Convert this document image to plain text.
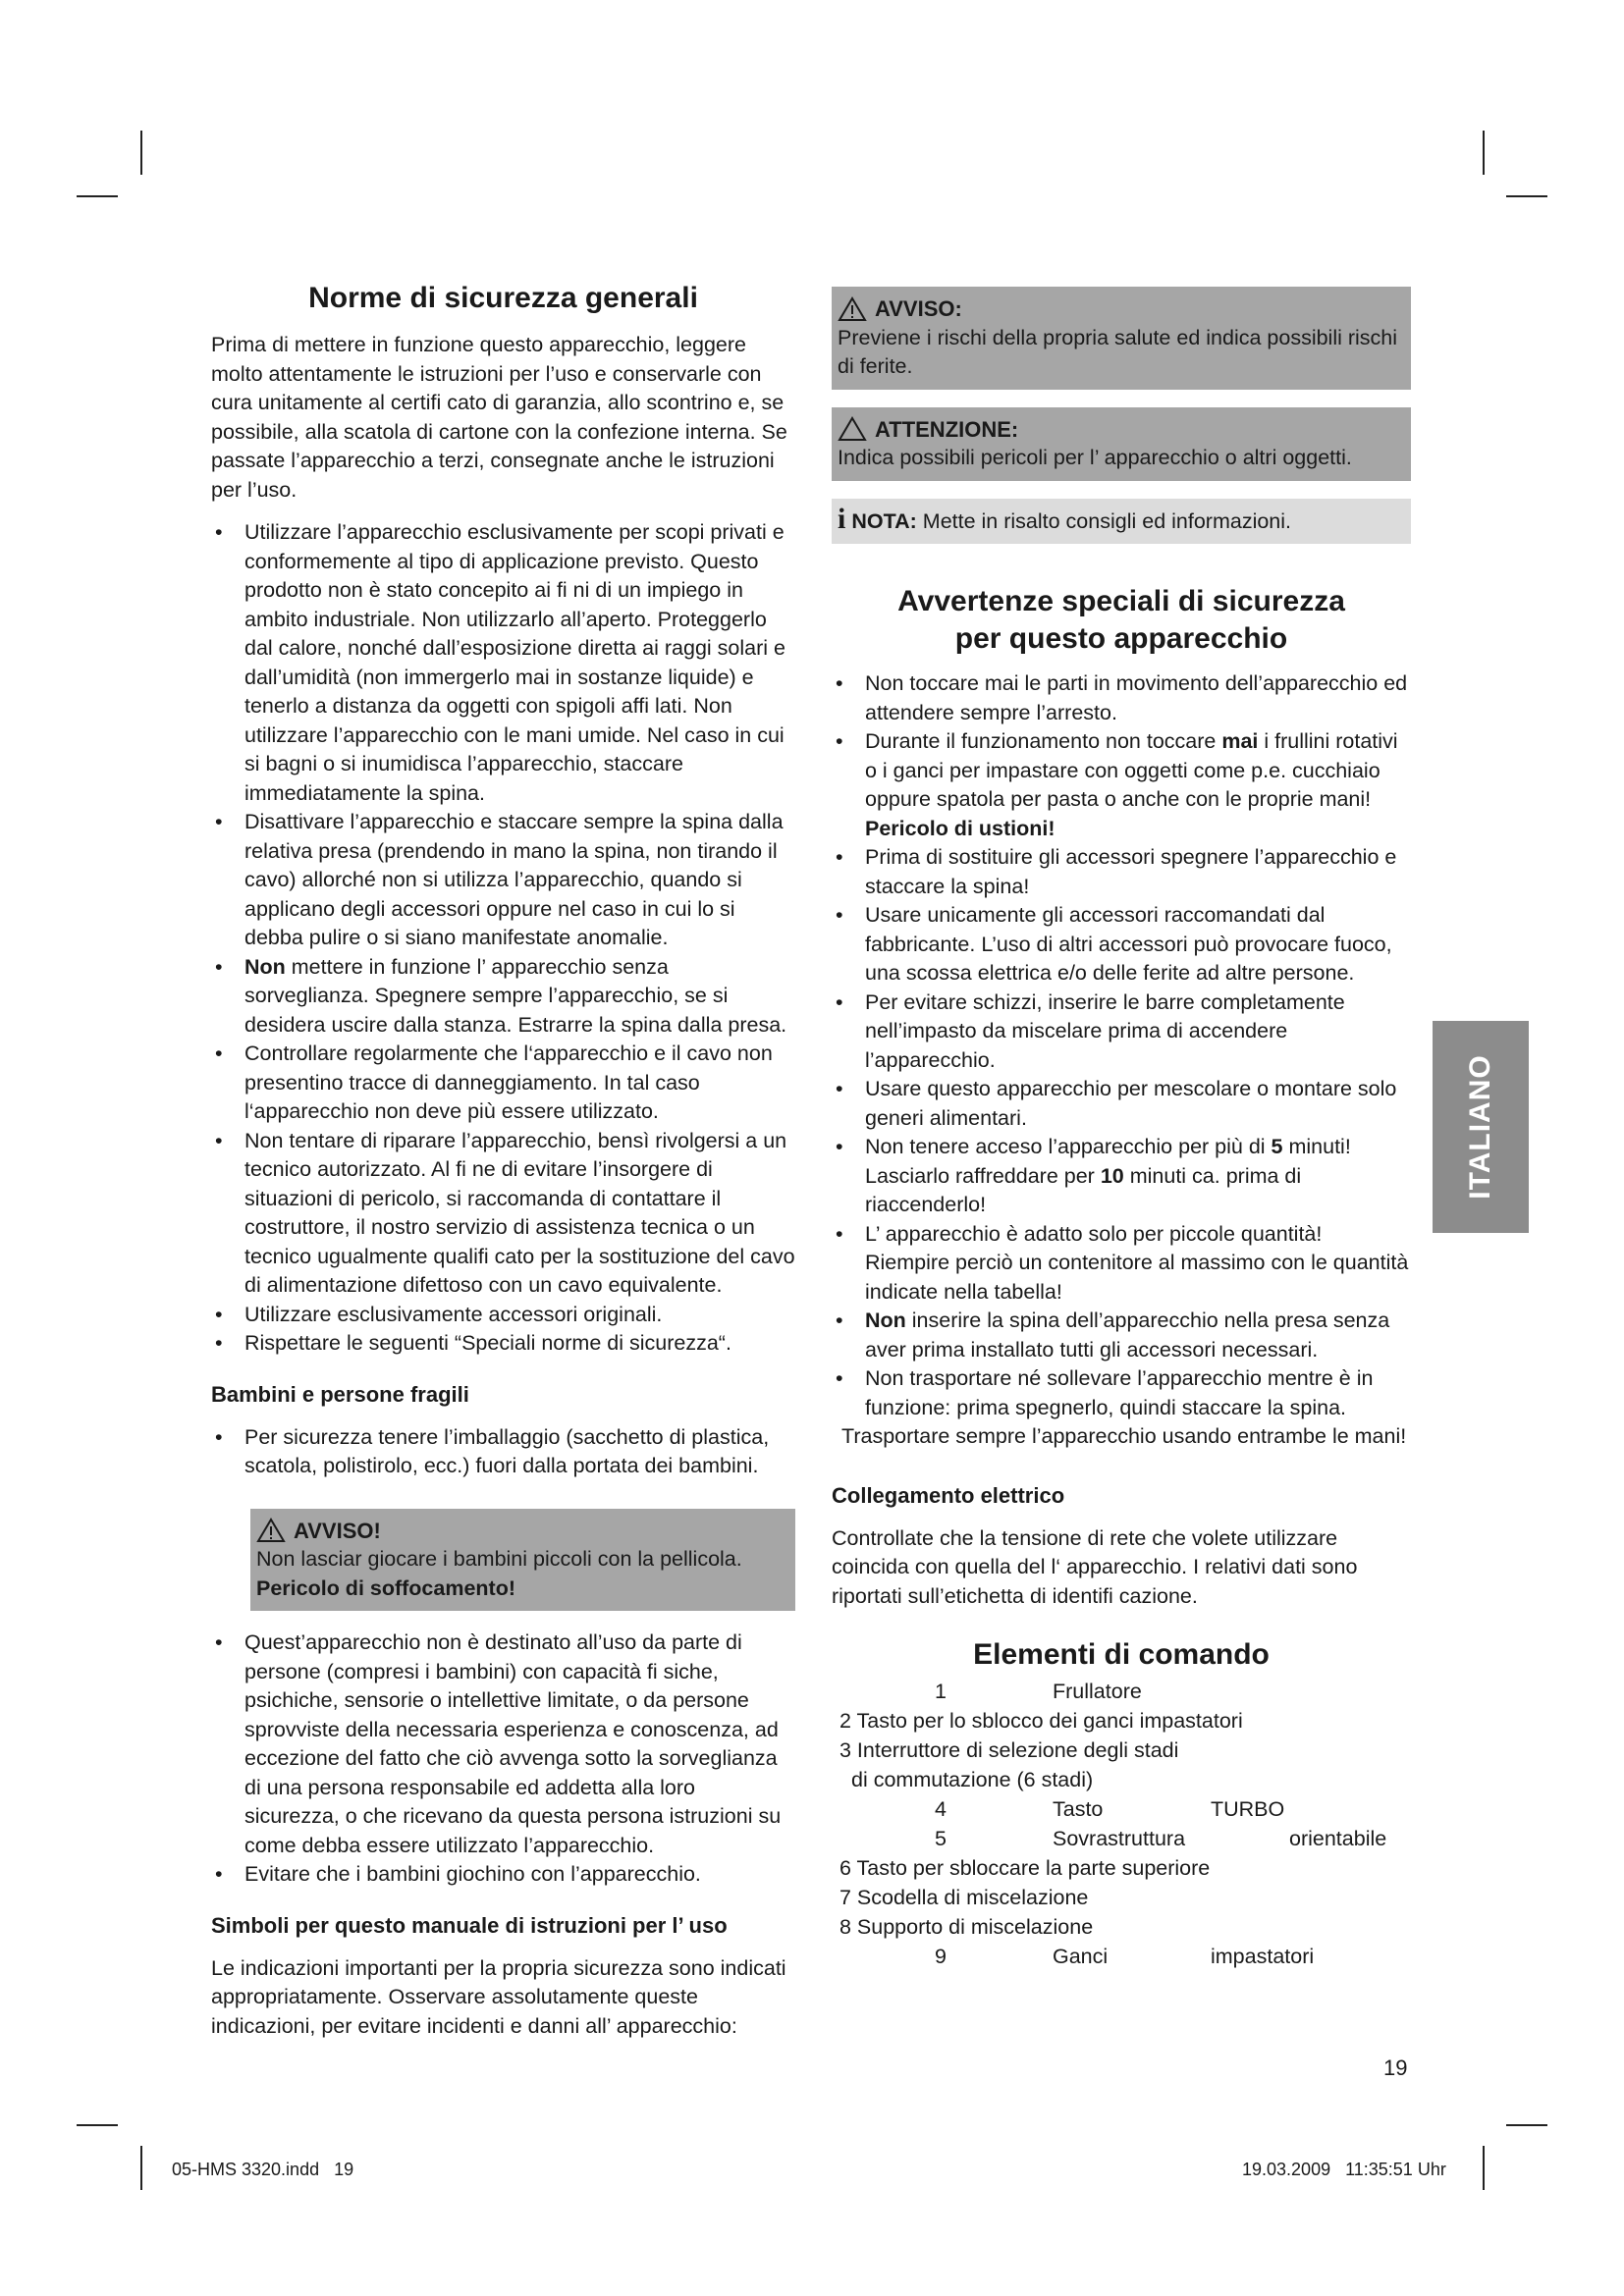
Norme di sicurezza generali

Prima di mettere in funzione questo apparecchio, leggere molto attentamente le istruzioni per l’uso e conservarle con cura unitamente al certifi cato di garanzia, allo scontrino e, se possibile, alla scatola di cartone con la confezione interna. Se passate l’apparecchio a terzi, consegnate anche le istruzioni per l’uso.

• Utilizzare l’apparecchio esclusivamente per scopi privati e conformemente al tipo di applicazione previsto. Questo prodotto non è stato concepito ai fi ni di un impiego in ambito industriale. Non utilizzarlo all’aperto. Proteggerlo dal calore, nonché dall’esposizione diretta ai raggi solari e dall’umidità (non immergerlo mai in sostanze liquide) e tenerlo a distanza da oggetti con spigoli affi lati. Non utilizzare l’apparecchio con le mani umide. Nel caso in cui si bagni o si inumidisca l’apparecchio, staccare immediatamente la spina.
• Disattivare l’apparecchio e staccare sempre la spina dalla relativa presa (prendendo in mano la spina, non tirando il cavo) allorché non si utilizza l’apparecchio, quando si applicano degli accessori oppure nel caso in cui lo si debba pulire o si siano manifestate anomalie.
• Non mettere in funzione l’ apparecchio senza sorveglianza. Spegnere sempre l’apparecchio, se si desidera uscire dalla stanza. Estrarre la spina dalla presa.
• Controllare regolarmente che l‘apparecchio e il cavo non presentino tracce di danneggiamento. In tal caso l‘apparecchio non deve più essere utilizzato.
• Non tentare di riparare l’apparecchio, bensì rivolgersi a un tecnico autorizzato. Al fi ne di evitare l’insorgere di situazioni di pericolo, si raccomanda di contattare il costruttore, il nostro servizio di assistenza tecnica o un tecnico ugualmente qualifi cato per la sostituzione del cavo di alimentazione difettoso con un cavo equivalente.
• Utilizzare esclusivamente accessori originali.
• Rispettare le seguenti “Speciali norme di sicurezza“.
Bambini e persone fragili
• Per sicurezza tenere l’imballaggio (sacchetto di plastica, scatola, polistirolo, ecc.) fuori dalla portata dei bambini.
AVVISO!
Non lasciar giocare i bambini piccoli con la pellicola.
Pericolo di soffocamento!
• Quest’apparecchio non è destinato all’uso da parte di persone (compresi i bambini) con capacità fi siche, psichiche, sensorie o intellettive limitate, o da persone sprovviste della necessaria esperienza e conoscenza, ad eccezione del fatto che ciò avvenga sotto la sorveglianza di una persona responsabile ed addetta alla loro sicurezza, o che ricevano da questa persona istruzioni su come debba essere utilizzato l’apparecchio.
• Evitare che i bambini giochino con l’apparecchio.
Simboli per questo manuale di istruzioni per l’ uso

Le indicazioni importanti per la propria sicurezza sono indicati appropriatamente. Osservare assolutamente queste indicazioni, per evitare incidenti e danni all’ apparecchio:

AVVISO:
Previene i rischi della propria salute ed indica possibili rischi di ferite.
ATTENZIONE:
Indica possibili pericoli per l’ apparecchio o altri oggetti.
i NOTA: Mette in risalto consigli ed informazioni.
Avvertenze speciali di sicurezza
per questo apparecchio
• Non toccare mai le parti in movimento dell’apparecchio ed attendere sempre l’arresto.
• Durante il funzionamento non toccare mai i frullini rotativi o i ganci per impastare con oggetti come p.e. cucchiaio oppure spatola per pasta o anche con le proprie mani! Pericolo di ustioni!
• Prima di sostituire gli accessori spegnere l’apparecchio e staccare la spina!
• Usare unicamente gli accessori raccomandati dal fabbricante. L’uso di altri accessori può provocare fuoco, una scossa elettrica e/o delle ferite ad altre persone.
• Per evitare schizzi, inserire le barre completamente nell’impasto da miscelare prima di accendere l’apparecchio.
• Usare questo apparecchio per mescolare o montare solo generi alimentari.
• Non tenere acceso l’apparecchio per più di 5 minuti! Lasciarlo raffreddare per 10 minuti ca. prima di riaccenderlo!
• L’ apparecchio è adatto solo per piccole quantità! Riempire perciò un contenitore al massimo con le quantità indicate nella tabella!
• Non inserire la spina dell’apparecchio nella presa senza aver prima installato tutti gli accessori necessari.
• Non trasportare né sollevare l’apparecchio mentre è in funzione: prima spegnerlo, quindi staccare la spina.

Trasportare sempre l’apparecchio usando entrambe le mani!

Collegamento elettrico

Controllate che la tensione di rete che volete utilizzare coincida con quella del l‘ apparecchio. I relativi dati sono riportati sull’etichetta di identifi cazione.

Elementi di comando
1	Frullatore
2 Tasto per lo sblocco dei ganci impastatori
3 Interruttore di selezione degli stadi
di commutazione (6 stadi)
4	Tasto	TURBO
5	Sovrastruttura	orientabile
6 Tasto per sbloccare la parte superiore
7 Scodella di miscelazione
8 Supporto di miscelazione
9	Ganci	impastatori
ITALIANO
19
05-HMS 3320.indd   19	19.03.2009   11:35:51 Uhr
